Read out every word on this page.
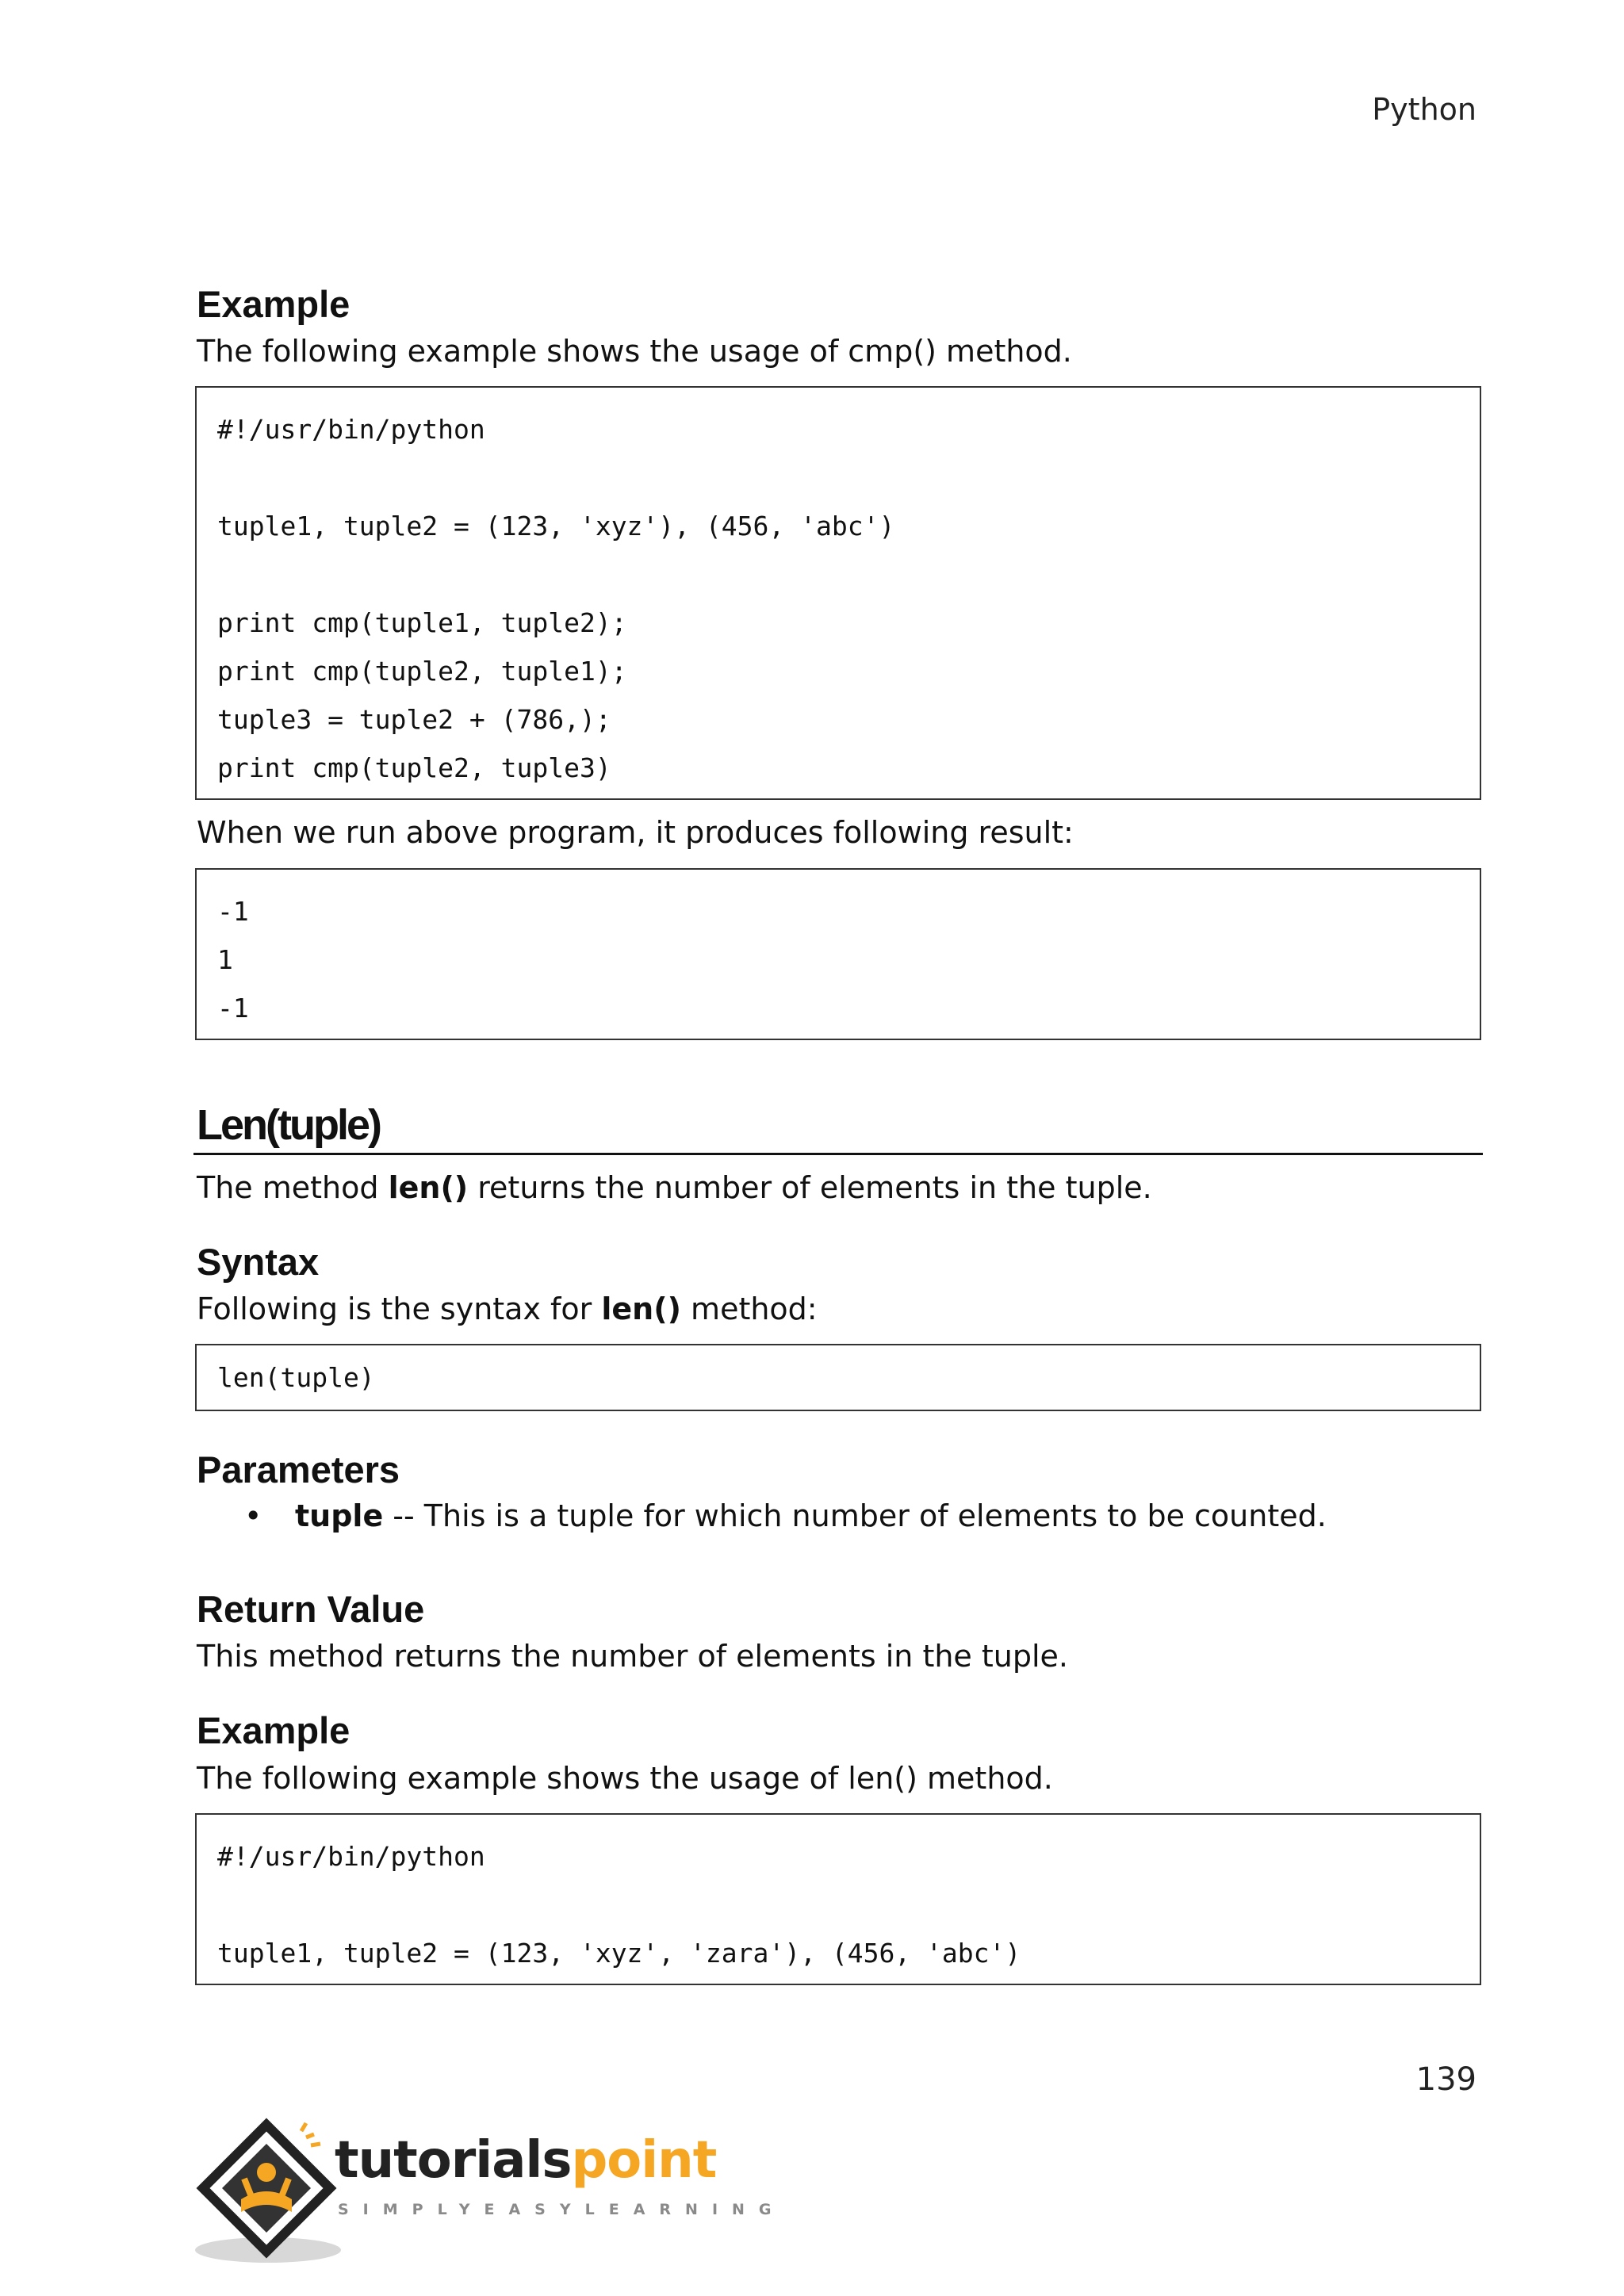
Python
Example

The following example shows the usage of cmp() method.

#!/usr/bin/python
tuple1, tuple2 = (123, 'xyz'), (456, 'abc')
print cmp(tuple1, tuple2);
print cmp(tuple2, tuple1);
tuple3 = tuple2 + (786,);
print cmp(tuple2, tuple3)

When we run above program, it produces following result:

-1
1
-1
Len(tuple)

The method len() returns the number of elements in the tuple.

Syntax

Following is the syntax for len() method:

len(tuple)
Parameters
• tuple -- This is a tuple for which number of elements to be counted.
Return Value

This method returns the number of elements in the tuple.

Example

The following example shows the usage of len() method.

#!/usr/bin/python
tuple1, tuple2 = (123, 'xyz', 'zara'), (456, 'abc')
139
tutorialspoint
SIMPLYEASYLEARNING
